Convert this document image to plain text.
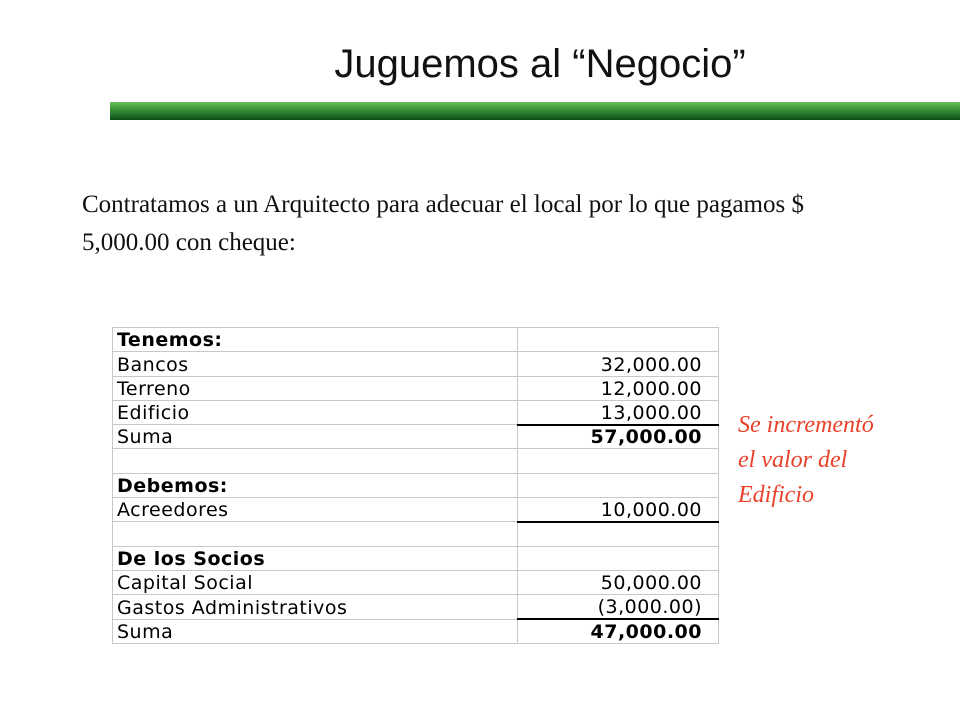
Juguemos al “Negocio”
Contratamos a un Arquitecto para adecuar el local por lo que pagamos $ 5,000.00 con cheque:
Tenemos:	
Bancos	32,000.00
Terreno	12,000.00
Edificio	13,000.00
Suma	57,000.00

Debemos:	
Acreedores	10,000.00

De los Socios	
Capital Social	50,000.00
Gastos Administrativos	(3,000.00)
Suma	47,000.00
Se incrementó
el valor del
Edificio
